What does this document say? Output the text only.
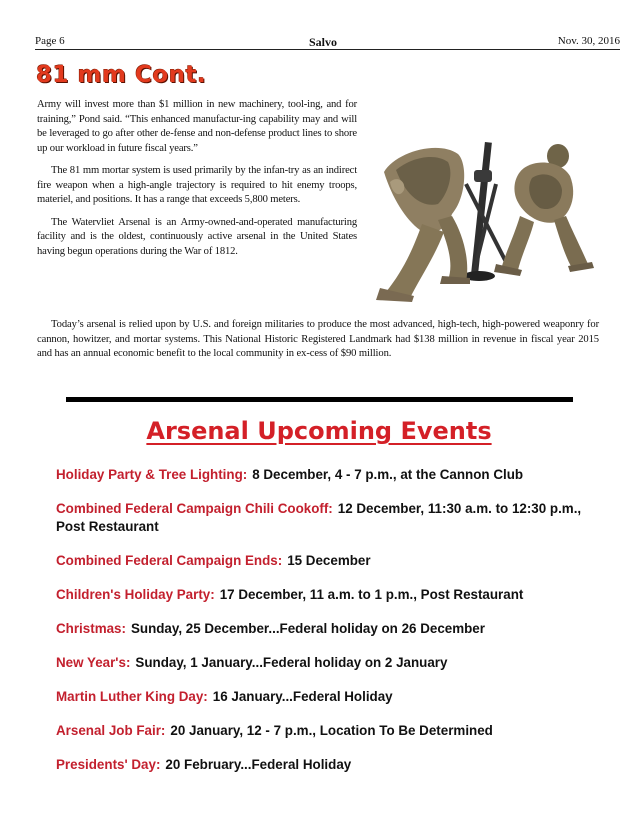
Page 6	Salvo	Nov. 30, 2016
81 mm Cont.

Army will invest more than $1 million in new machinery, tool-ing, and for training,” Pond said. “This enhanced manufactur-ing capability may and will be leveraged to go after other de-fense and non-defense product lines to shore up our workload in future fiscal years.”

The 81 mm mortar system is used primarily by the infan-try as an indirect fire weapon when a high-angle trajectory is required to hit enemy troops, materiel, and positions. It has a range that exceeds 5,800 meters.

The Watervliet Arsenal is an Army-owned-and-operated manufacturing facility and is the oldest, continuously active arsenal in the United States having begun operations during the War of 1812.

Today’s arsenal is relied upon by U.S. and foreign militaries to produce the most advanced, high-tech, high-powered weaponry for cannon, howitzer, and mortar systems. This National Historic Registered Landmark had $138 million in revenue in fiscal year 2015 and has an annual economic benefit to the local community in ex-cess of $90 million.

Arsenal Upcoming Events
Holiday Party & Tree Lighting: 8 December, 4 - 7 p.m., at the Cannon Club
Combined Federal Campaign Chili Cookoff: 12 December, 11:30 a.m. to 12:30 p.m., Post Restaurant
Combined Federal Campaign Ends: 15 December
Children's Holiday Party: 17 December, 11 a.m. to 1 p.m., Post Restaurant
Christmas: Sunday, 25 December...Federal holiday on 26 December
New Year's: Sunday, 1 January...Federal holiday on 2 January
Martin Luther King Day: 16 January...Federal Holiday
Arsenal Job Fair: 20 January, 12 - 7 p.m., Location To Be Determined
Presidents' Day: 20 February...Federal Holiday
